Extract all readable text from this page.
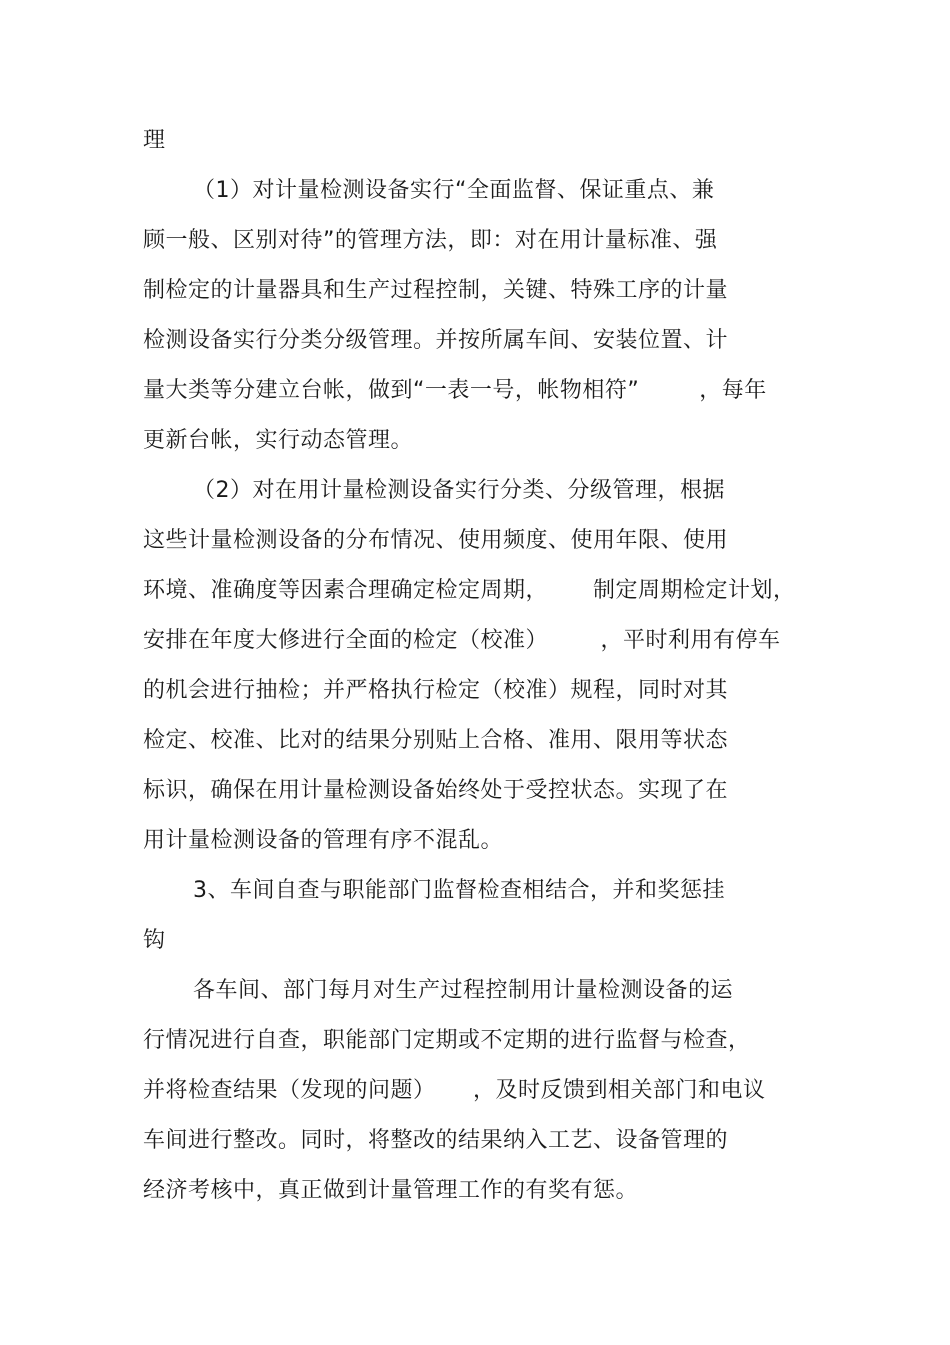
理
（1）对计量检测设备实行“全面监督、保证重点、兼
顾一般、区别对待”的管理方法，即：对在用计量标准、强
制检定的计量器具和生产过程控制，关键、特殊工序的计量
检测设备实行分类分级管理。并按所属车间、安装位置、计
量大类等分建立台帐，做到“一表一号，帐物相符”        ，每年
更新台帐，实行动态管理。
（2）对在用计量检测设备实行分类、分级管理，根据
这些计量检测设备的分布情况、使用频度、使用年限、使用
环境、准确度等因素合理确定检定周期，      制定周期检定计划，
安排在年度大修进行全面的检定（校准）       ，平时利用有停车
的机会进行抽检；并严格执行检定（校准）规程，同时对其
检定、校准、比对的结果分别贴上合格、准用、限用等状态
标识，确保在用计量检测设备始终处于受控状态。实现了在
用计量检测设备的管理有序不混乱。
3、车间自查与职能部门监督检查相结合，并和奖惩挂
钩
各车间、部门每月对生产过程控制用计量检测设备的运
行情况进行自查，职能部门定期或不定期的进行监督与检查，
并将检查结果（发现的问题）     ，及时反馈到相关部门和电议
车间进行整改。同时，将整改的结果纳入工艺、设备管理的
经济考核中，真正做到计量管理工作的有奖有惩。
